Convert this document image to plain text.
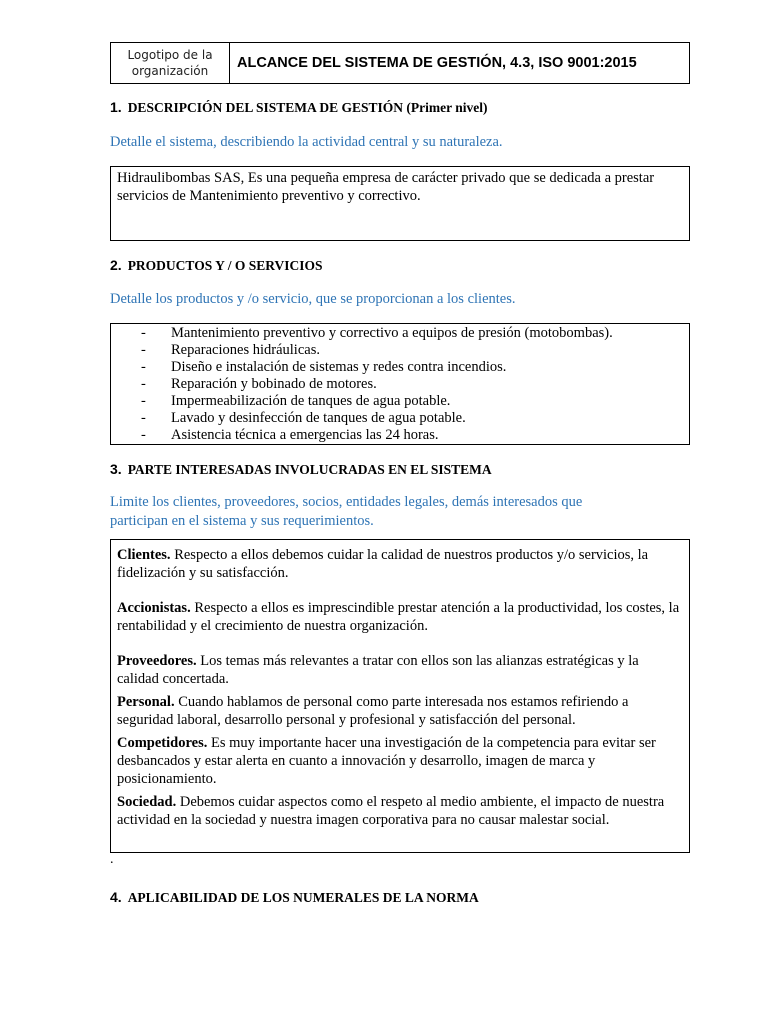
Logotipo de la organización	ALCANCE DEL SISTEMA DE GESTIÓN, 4.3, ISO 9001:2015
1. DESCRIPCIÓN DEL SISTEMA DE GESTIÓN (Primer nivel)
Detalle el sistema, describiendo la actividad central y su naturaleza.
Hidraulibombas SAS, Es una pequeña empresa de carácter privado que se dedicada a prestar servicios de Mantenimiento preventivo y correctivo.
2. PRODUCTOS Y / O SERVICIOS
Detalle los productos y /o servicio, que se proporcionan a los clientes.
-	Mantenimiento preventivo y correctivo a equipos de presión (motobombas).
-	Reparaciones hidráulicas.
-	Diseño e instalación de sistemas y redes contra incendios.
-	Reparación y bobinado de motores.
-	Impermeabilización de tanques de agua potable.
-	Lavado y desinfección de tanques de agua potable.
-	Asistencia técnica a emergencias las 24 horas.
3. PARTE INTERESADAS INVOLUCRADAS EN EL SISTEMA
Limite los clientes, proveedores, socios, entidades legales, demás interesados que participan en el sistema y sus requerimientos.

Clientes. Respecto a ellos debemos cuidar la calidad de nuestros productos y/o servicios, la fidelización y su satisfacción.

Accionistas. Respecto a ellos es imprescindible prestar atención a la productividad, los costes, la rentabilidad y el crecimiento de nuestra organización.

Proveedores. Los temas más relevantes a tratar con ellos son las alianzas estratégicas y la calidad concertada.

Personal. Cuando hablamos de personal como parte interesada nos estamos refiriendo a seguridad laboral, desarrollo personal y profesional y satisfacción del personal.

Competidores. Es muy importante hacer una investigación de la competencia para evitar ser desbancados y estar alerta en cuanto a innovación y desarrollo, imagen de marca y posicionamiento.

Sociedad. Debemos cuidar aspectos como el respeto al medio ambiente, el impacto de nuestra actividad en la sociedad y nuestra imagen corporativa para no causar malestar social.

.
4. APLICABILIDAD DE LOS NUMERALES DE LA NORMA
